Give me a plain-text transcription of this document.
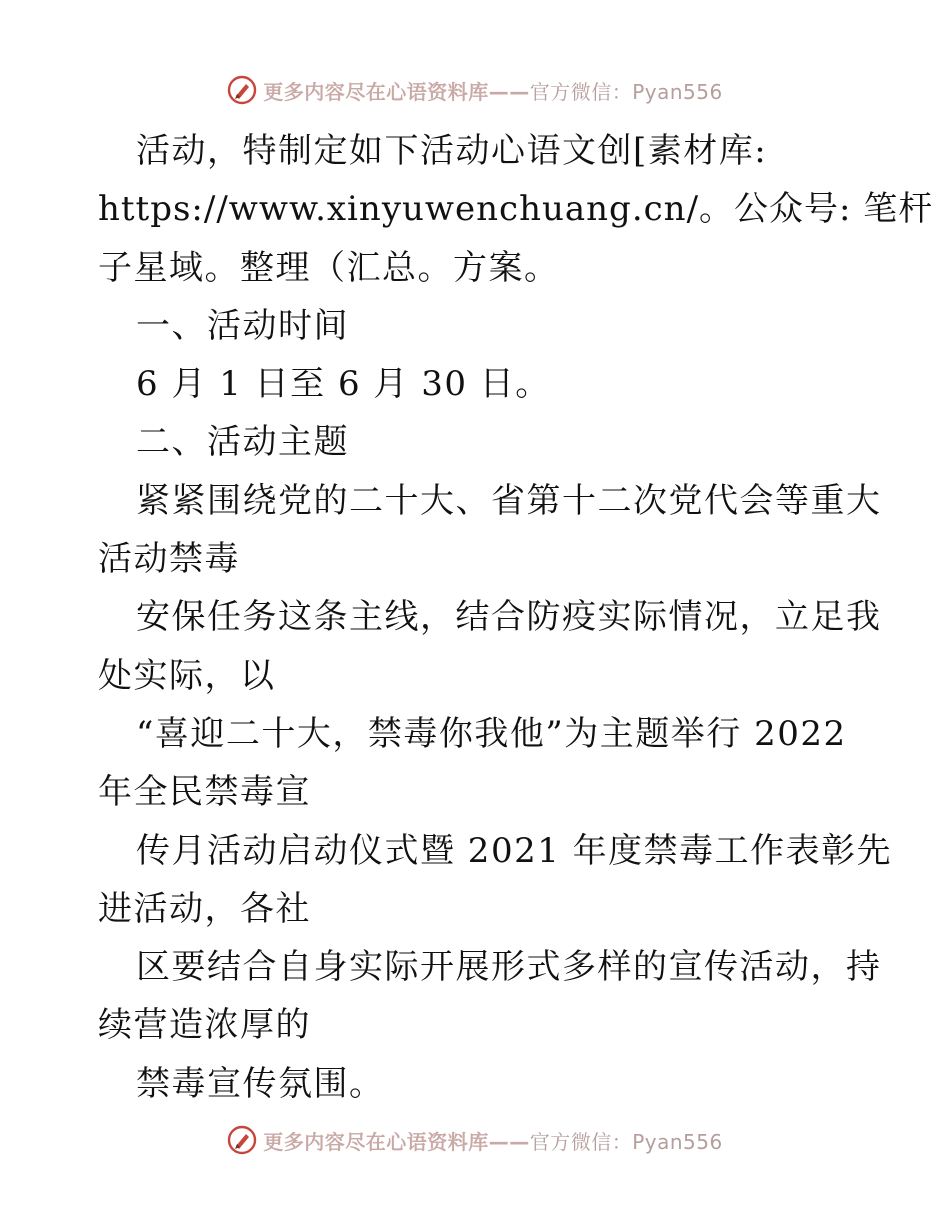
更多内容尽在心语资料库——官方微信：Pyan556
活动，特制定如下活动心语文创[素材库:
https://www.xinyuwenchuang.cn/。公众号: 笔杆
子星域。整理（汇总。方案。
一、活动时间
6 月 1 日至 6 月 30 日。
二、活动主题
紧紧围绕党的二十大、省第十二次党代会等重大
活动禁毒
安保任务这条主线，结合防疫实际情况，立足我
处实际，以
“喜迎二十大，禁毒你我他”为主题举行 2022
年全民禁毒宣
传月活动启动仪式暨 2021 年度禁毒工作表彰先
进活动，各社
区要结合自身实际开展形式多样的宣传活动，持
续营造浓厚的
禁毒宣传氛围。
更多内容尽在心语资料库——官方微信：Pyan556
